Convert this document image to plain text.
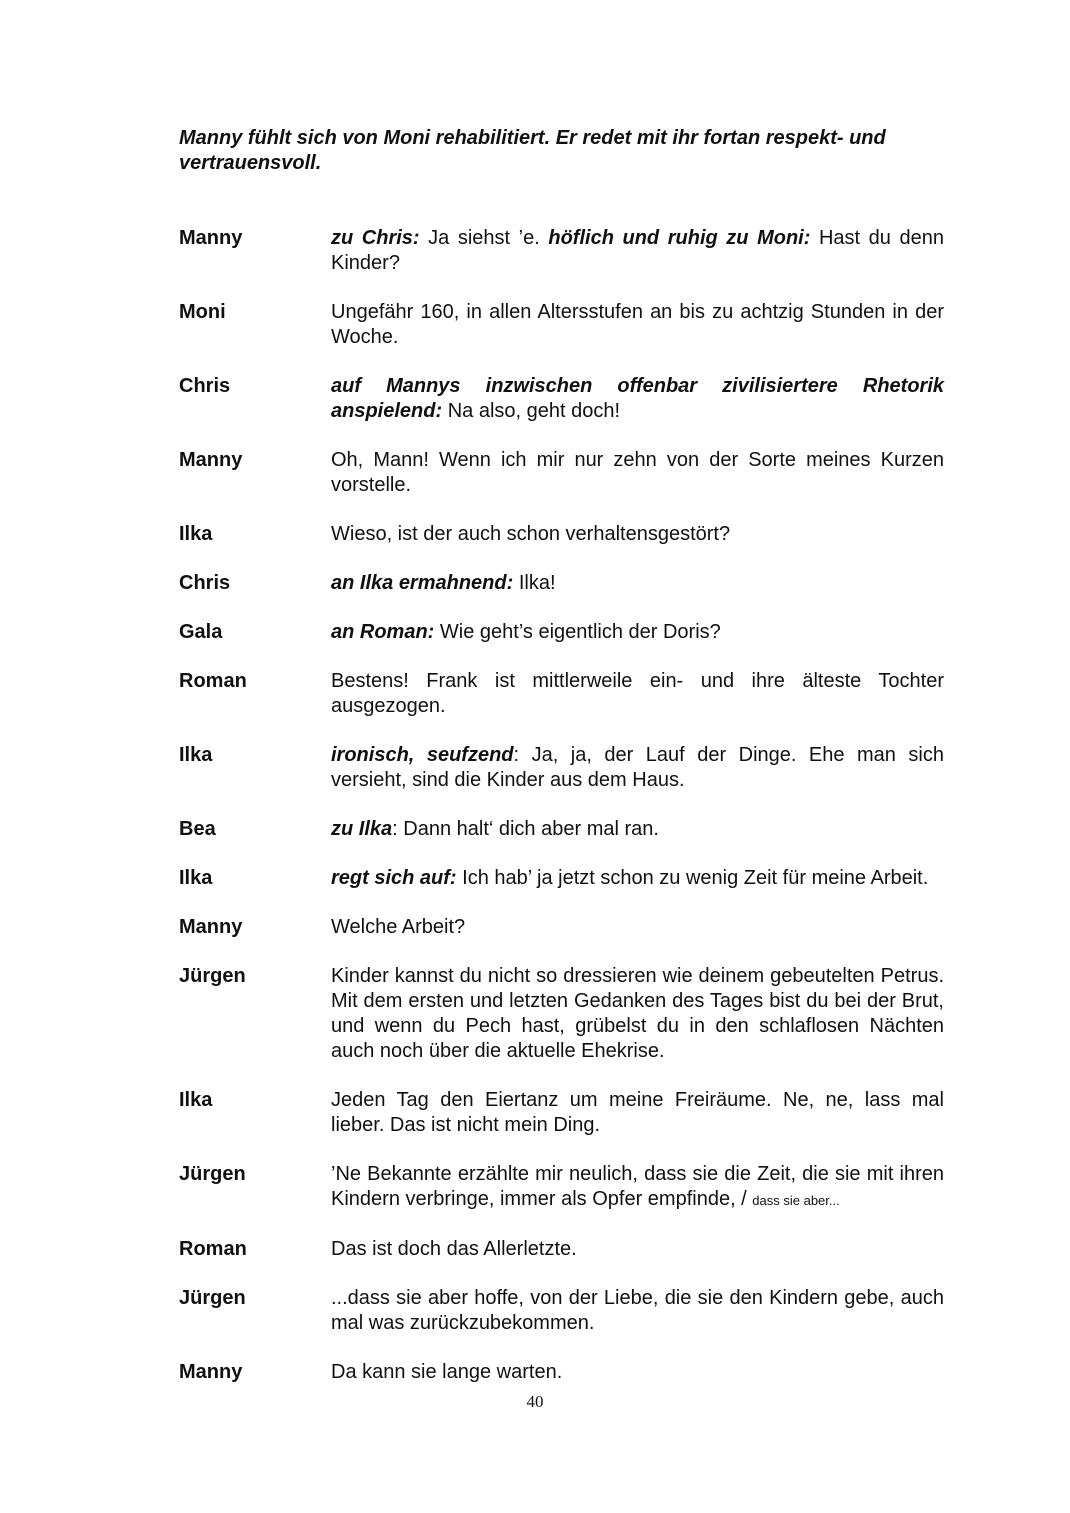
Manny fühlt sich von Moni rehabilitiert. Er redet mit ihr fortan respekt- und vertrauensvoll.
Manny	zu Chris: Ja siehst ’e. höflich und ruhig zu Moni: Hast du denn Kinder?
Moni	Ungefähr 160, in allen Altersstufen an bis zu achtzig Stunden in der Woche.
Chris	auf Mannys inzwischen offenbar zivilisiertere Rhetorik anspielend: Na also, geht doch!
Manny	Oh, Mann! Wenn ich mir nur zehn von der Sorte meines Kurzen vorstelle.
Ilka	Wieso, ist der auch schon verhaltensgestört?
Chris	an Ilka ermahnend: Ilka!
Gala	an Roman: Wie geht’s eigentlich der Doris?
Roman	Bestens! Frank ist mittlerweile ein- und ihre älteste Tochter ausgezogen.
Ilka	ironisch, seufzend: Ja, ja, der Lauf der Dinge. Ehe man sich versieht, sind die Kinder aus dem Haus.
Bea	zu Ilka: Dann halt‘ dich aber mal ran.
Ilka	regt sich auf: Ich hab’ ja jetzt schon zu wenig Zeit für meine Arbeit.
Manny	Welche Arbeit?
Jürgen	Kinder kannst du nicht so dressieren wie deinem gebeutelten Petrus. Mit dem ersten und letzten Gedanken des Tages bist du bei der Brut, und wenn du Pech hast, grübelst du in den schlaflosen Nächten auch noch über die aktuelle Ehekrise.
Ilka	Jeden Tag den Eiertanz um meine Freiräume. Ne, ne, lass mal lieber. Das ist nicht mein Ding.
Jürgen	’Ne Bekannte erzählte mir neulich, dass sie die Zeit, die sie mit ihren Kindern verbringe, immer als Opfer empfinde, / dass sie aber...
Roman	Das ist doch das Allerletzte.
Jürgen	...dass sie aber hoffe, von der Liebe, die sie den Kindern gebe, auch mal was zurückzubekommen.
Manny	Da kann sie lange warten.
40
